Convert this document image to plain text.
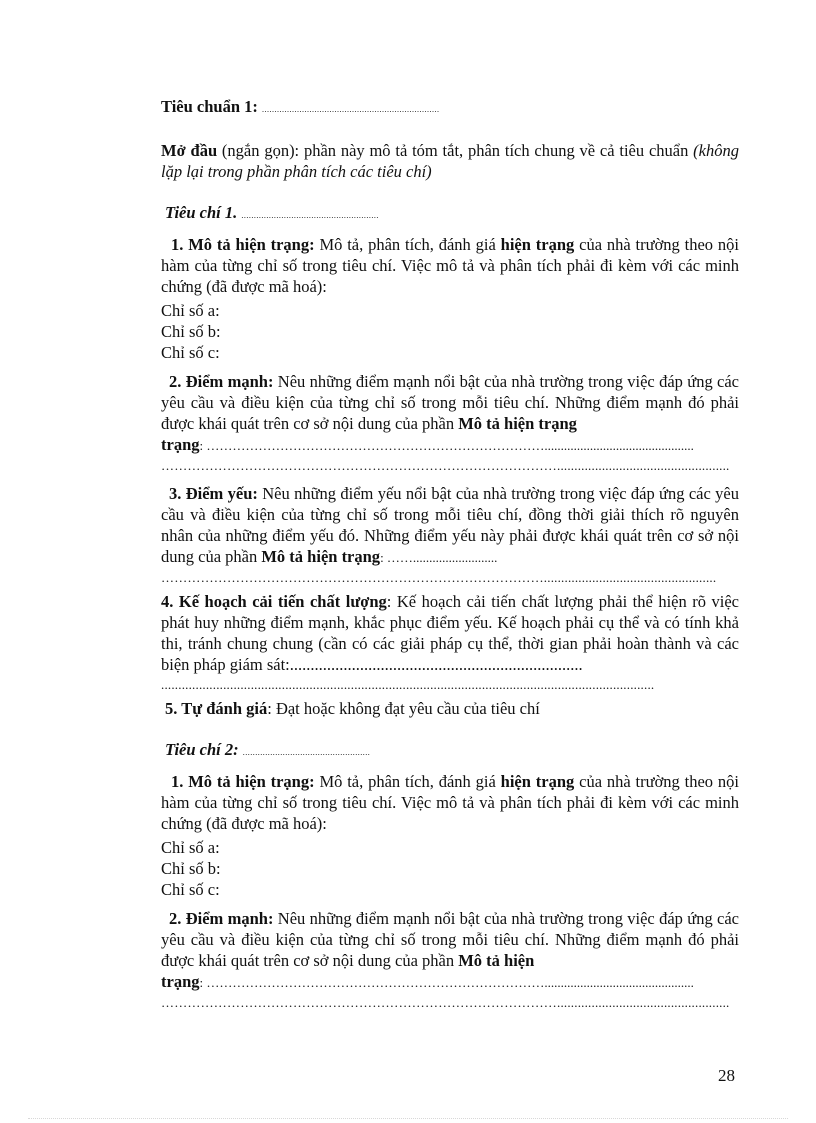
Tiêu chuẩn 1: .......................................................................

Mở đầu (ngắn gọn): phần này mô tả tóm tắt, phân tích chung về cả tiêu chuẩn (không lặp lại trong phần phân tích các tiêu chí)

Tiêu chí 1. .......................................................

1. Mô tả hiện trạng: Mô tả, phân tích, đánh giá hiện trạng của nhà trường theo nội hàm của từng chỉ số trong tiêu chí. Việc mô tả và phân tích phải đi kèm với các minh chứng (đã được mã hoá):

Chỉ số a:
Chỉ số b:
Chỉ số c:

2. Điểm mạnh: Nêu những điểm mạnh nổi bật của nhà trường trong việc đáp ứng các yêu cầu và điều kiện của từng chỉ số trong mỗi tiêu chí. Những điểm mạnh đó phải được khái quát trên cơ sở nội dung của phần Mô tả hiện trạng

trạng: ……………………………………………………………………..............................................
………………………………………………………………………………..................................................

3. Điểm yếu: Nêu những điểm yếu nổi bật của nhà trường trong việc đáp ứng các yêu cầu và điều kiện của từng chỉ số trong mỗi tiêu chí, đồng thời giải thích rõ nguyên nhân của những điểm yếu đó. Những điểm yếu này phải được khái quát trên cơ sở nội dung của phần Mô tả hiện trạng: ……..........................

……………………………………………………………………………..................................................

4. Kế hoạch cải tiến chất lượng: Kế hoạch cải tiến chất lượng phải thể hiện rõ việc phát huy những điểm mạnh, khắc phục điểm yếu. Kế hoạch phải cụ thể và có tính khả thi, tránh chung chung (cần có các giải pháp cụ thể, thời gian phải hoàn thành và các biện pháp giám sát:.......................................................................

...............................................................................................................................................

5. Tự đánh giá: Đạt hoặc không đạt yêu cầu của tiêu chí

Tiêu chí 2: ...................................................

1. Mô tả hiện trạng: Mô tả, phân tích, đánh giá hiện trạng của nhà trường theo nội hàm của từng chỉ số trong tiêu chí. Việc mô tả và phân tích phải đi kèm với các minh chứng (đã được mã hoá):

Chỉ số a:
Chỉ số b:
Chỉ số c:

2. Điểm mạnh: Nêu những điểm mạnh nổi bật của nhà trường trong việc đáp ứng các yêu cầu và điều kiện của từng chỉ số trong mỗi tiêu chí. Những điểm mạnh đó phải được khái quát trên cơ sở nội dung của phần Mô tả hiện

trạng: ……………………………………………………………………..............................................
………………………………………………………………………………..................................................
28
